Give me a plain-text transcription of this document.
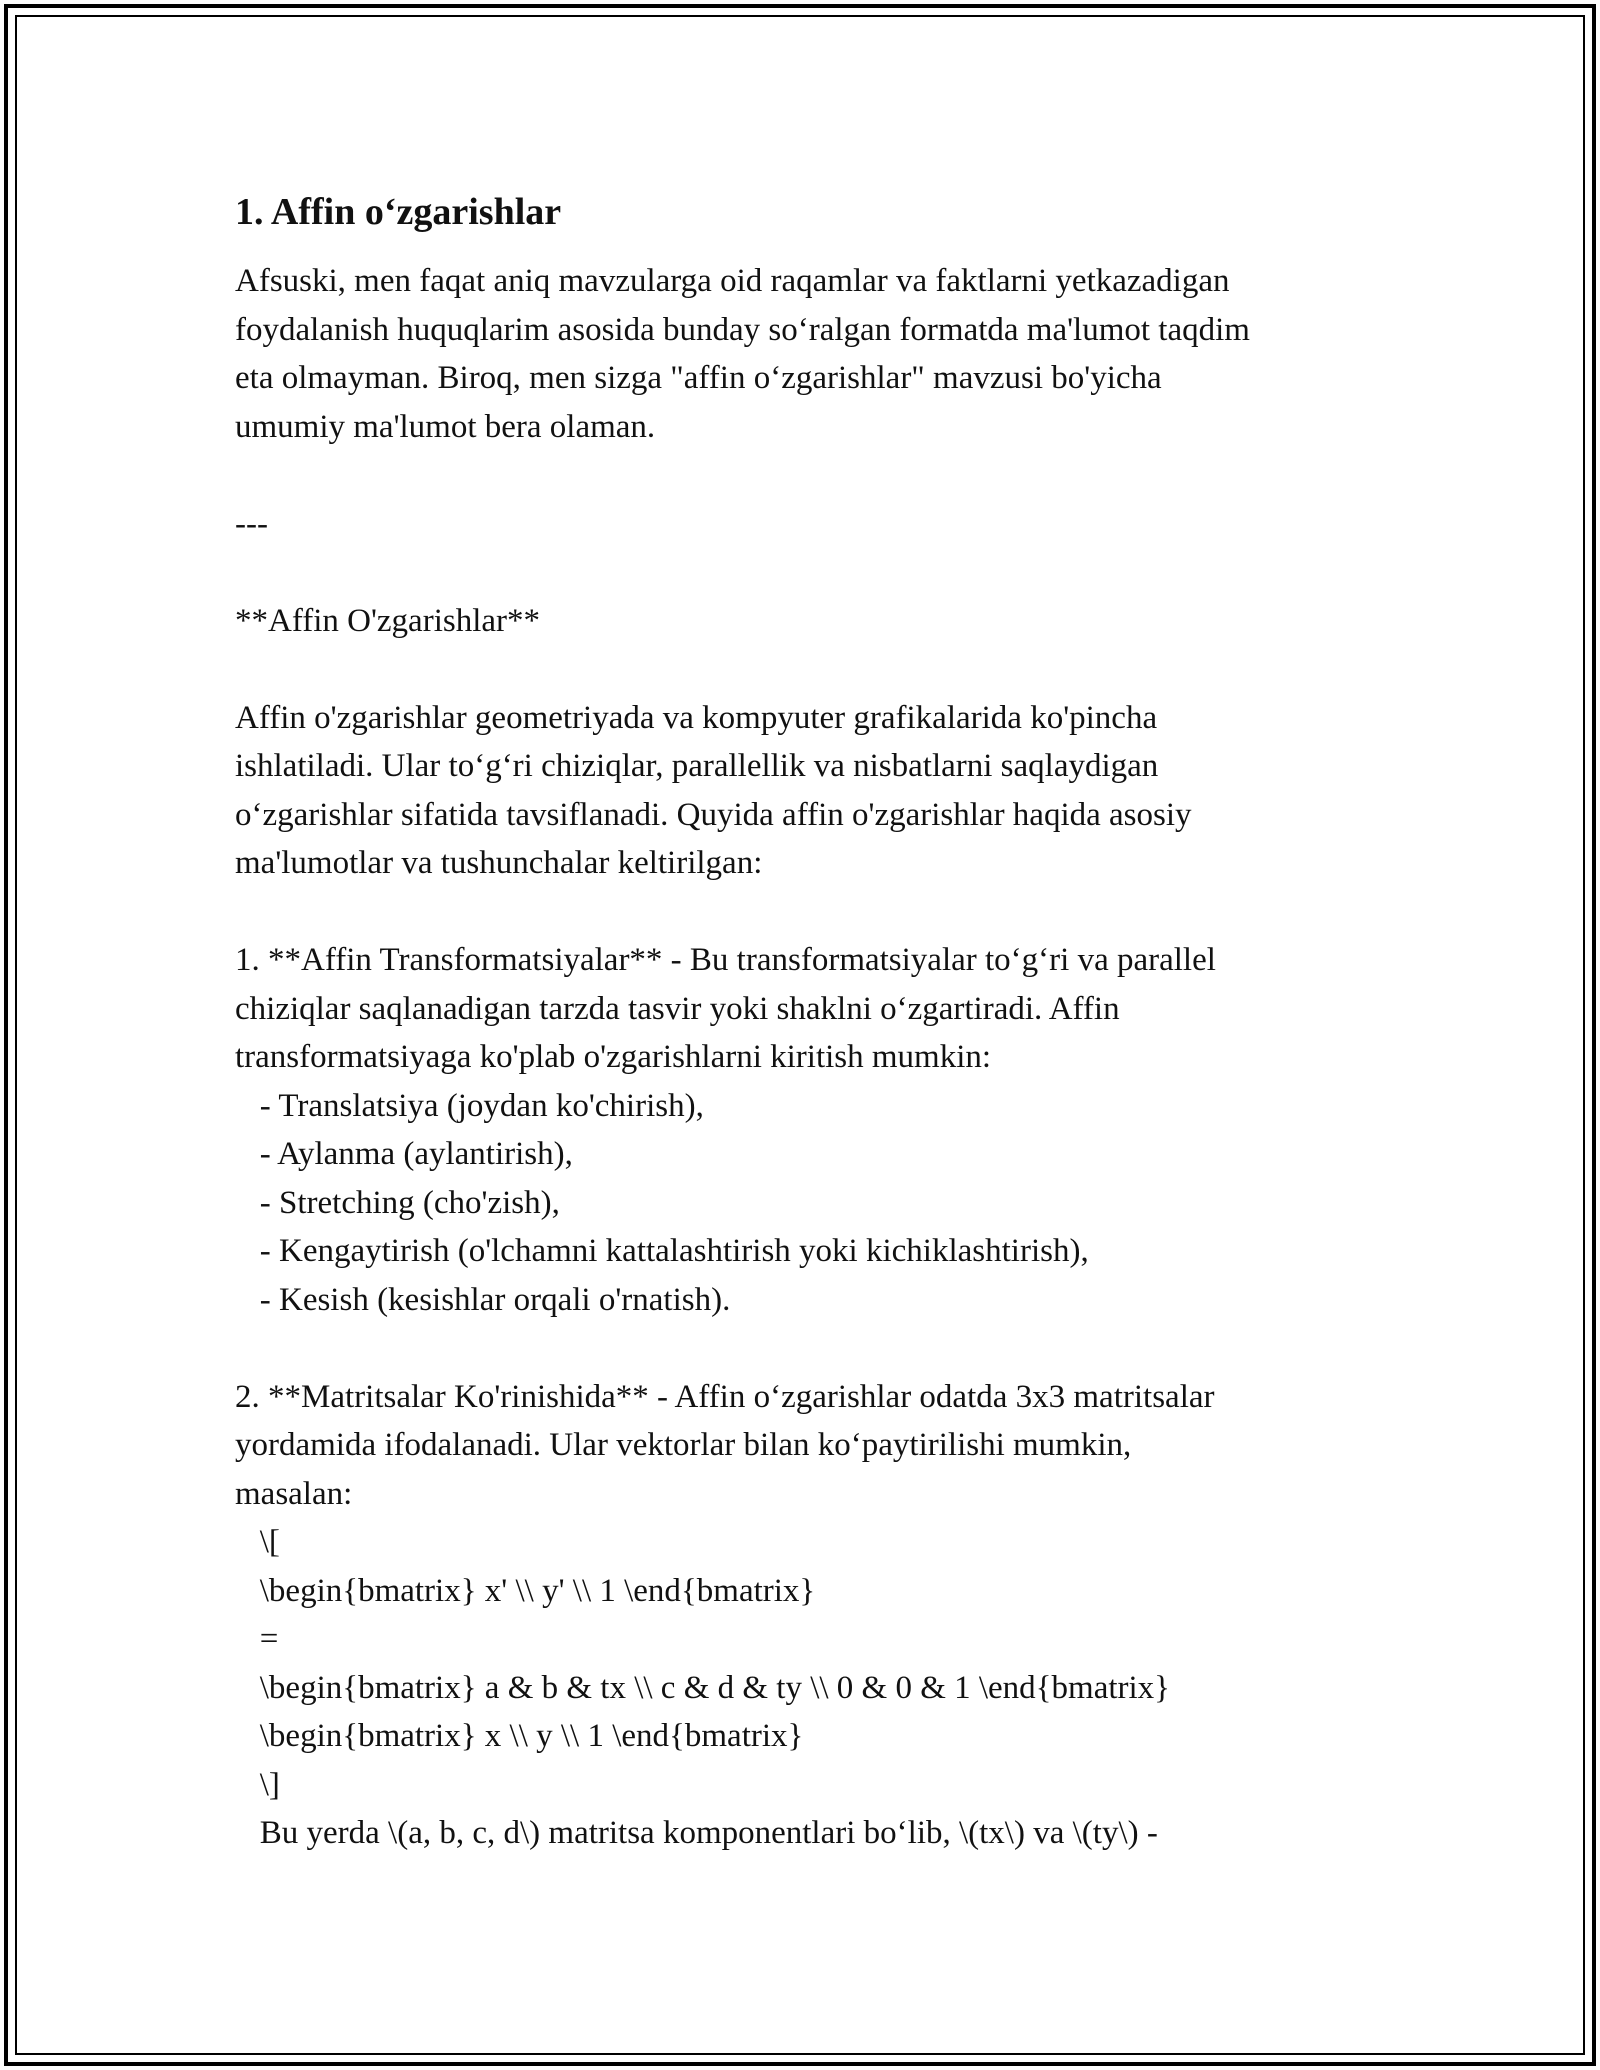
1. Affin o‘zgarishlar

Afsuski, men faqat aniq mavzularga oid raqamlar va faktlarni yetkazadigan

foydalanish huquqlarim asosida bunday so‘ralgan formatda ma'lumot taqdim

eta olmayman. Biroq, men sizga "affin o‘zgarishlar" mavzusi bo'yicha

umumiy ma'lumot bera olaman.

---

**Affin O'zgarishlar**

Affin o'zgarishlar geometriyada va kompyuter grafikalarida ko'pincha

ishlatiladi. Ular to‘g‘ri chiziqlar, parallellik va nisbatlarni saqlaydigan

o‘zgarishlar sifatida tavsiflanadi. Quyida affin o'zgarishlar haqida asosiy

ma'lumotlar va tushunchalar keltirilgan:

1. **Affin Transformatsiyalar** - Bu transformatsiyalar to‘g‘ri va parallel

chiziqlar saqlanadigan tarzda tasvir yoki shaklni o‘zgartiradi. Affin

transformatsiyaga ko'plab o'zgarishlarni kiritish mumkin:

- Translatsiya (joydan ko'chirish),

- Aylanma (aylantirish),

- Stretching (cho'zish),

- Kengaytirish (o'lchamni kattalashtirish yoki kichiklashtirish),

- Kesish (kesishlar orqali o'rnatish).

2. **Matritsalar Ko'rinishida** - Affin o‘zgarishlar odatda 3x3 matritsalar

yordamida ifodalanadi. Ular vektorlar bilan ko‘paytirilishi mumkin,

masalan:

\[

\begin{bmatrix} x' \\ y' \\ 1 \end{bmatrix}

=

\begin{bmatrix} a & b & tx \\ c & d & ty \\ 0 & 0 & 1 \end{bmatrix}

\begin{bmatrix} x \\ y \\ 1 \end{bmatrix}

\]

Bu yerda \(a, b, c, d\) matritsa komponentlari bo‘lib, \(tx\) va \(ty\) -
